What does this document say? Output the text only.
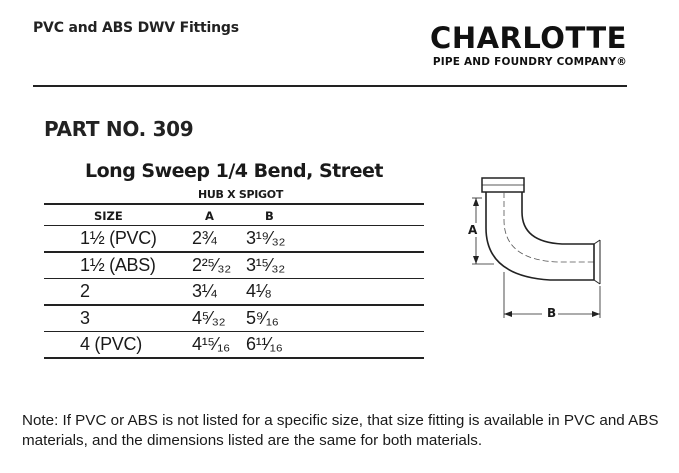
PVC and ABS DWV Fittings	CHARLOTTE
PIPE AND FOUNDRY COMPANY®
PART NO. 309
Long Sweep 1/4 Bend, Street
HUB X SPIGOT
SIZE	A	B
1½ (PVC) 2¾ 3¹⁹⁄₃₂
1½ (ABS) 2²⁵⁄₃₂ 3¹⁵⁄₃₂
2	3¼ 4⅛
3	4⁵⁄₃₂ 5⁹⁄₁₆
4 (PVC)	4¹⁵⁄₁₆ 6¹¹⁄₁₆
A
B
Note: If PVC or ABS is not listed for a specific size, that size fitting is available in PVC and ABS materials, and the dimensions listed are the same for both materials.
